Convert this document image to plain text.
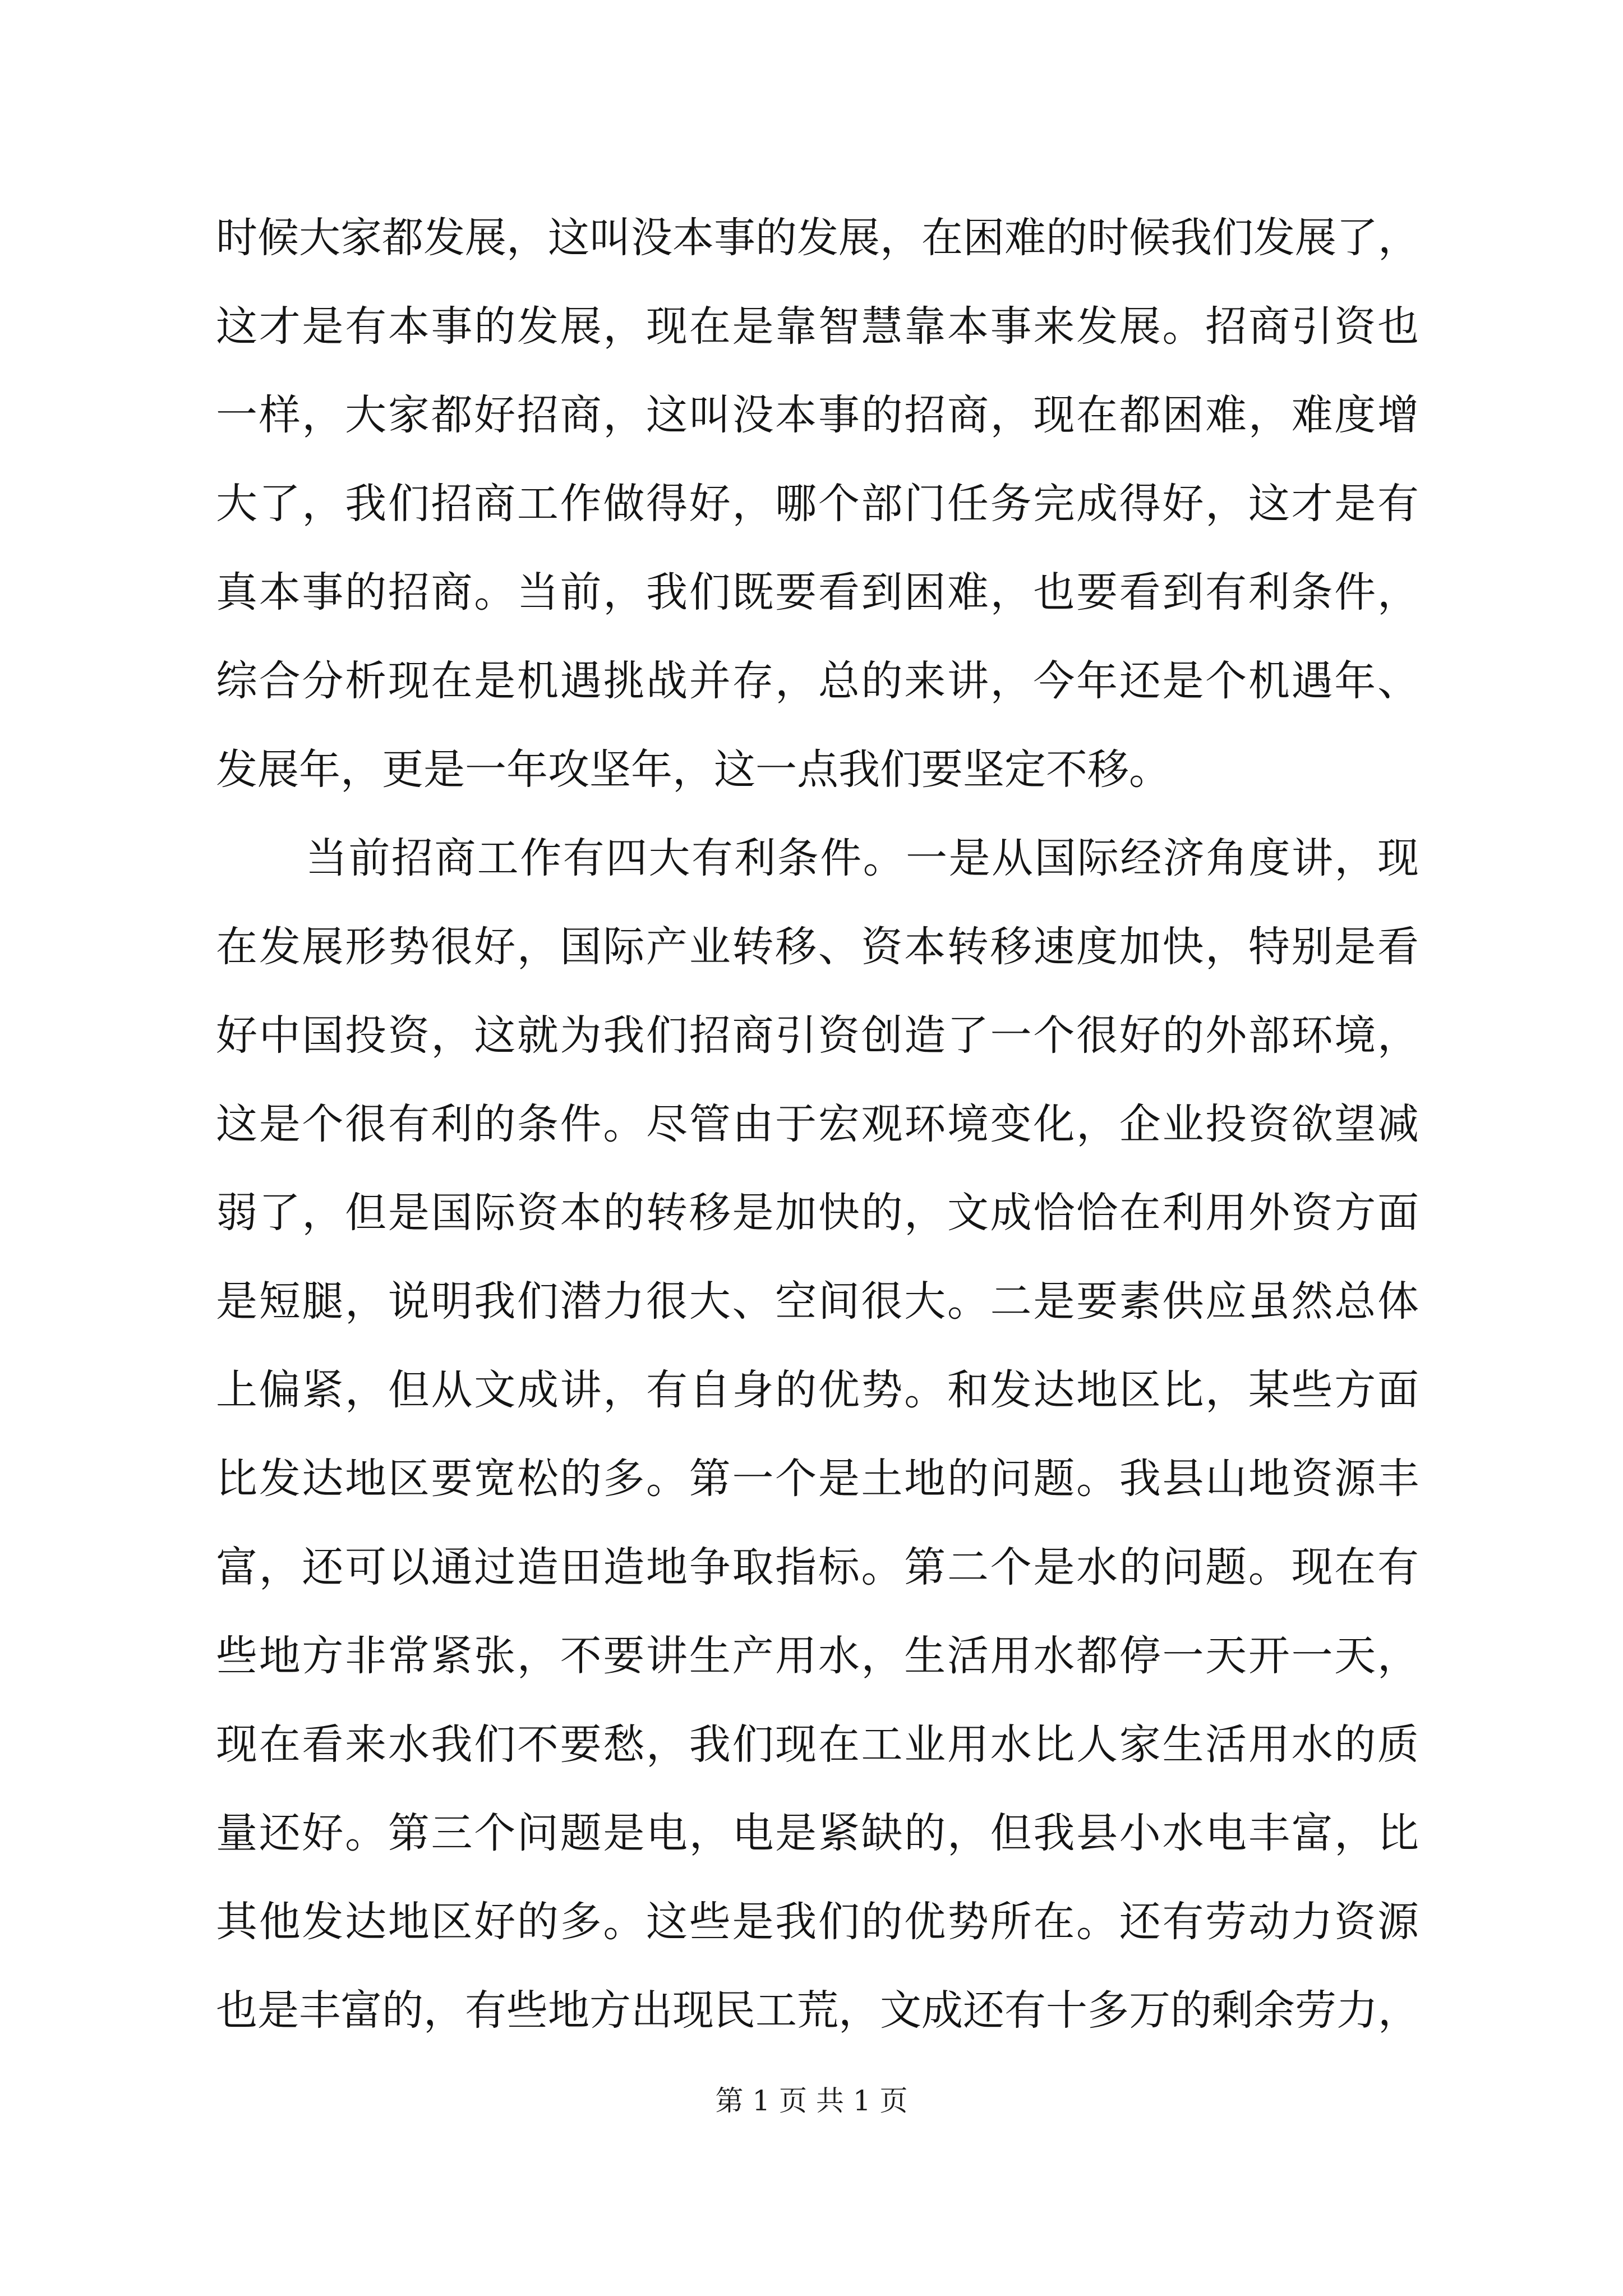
时候大家都发展，这叫没本事的发展，在困难的时候我们发展了，
这才是有本事的发展，现在是靠智慧靠本事来发展。招商引资也
一样，大家都好招商，这叫没本事的招商，现在都困难，难度增
大了，我们招商工作做得好，哪个部门任务完成得好，这才是有
真本事的招商。当前，我们既要看到困难，也要看到有利条件，
综合分析现在是机遇挑战并存，总的来讲，今年还是个机遇年、
发展年，更是一年攻坚年，这一点我们要坚定不移。
当前招商工作有四大有利条件。一是从国际经济角度讲，现
在发展形势很好，国际产业转移、资本转移速度加快，特别是看
好中国投资，这就为我们招商引资创造了一个很好的外部环境，
这是个很有利的条件。尽管由于宏观环境变化，企业投资欲望减
弱了，但是国际资本的转移是加快的，文成恰恰在利用外资方面
是短腿，说明我们潜力很大、空间很大。二是要素供应虽然总体
上偏紧，但从文成讲，有自身的优势。和发达地区比，某些方面
比发达地区要宽松的多。第一个是土地的问题。我县山地资源丰
富，还可以通过造田造地争取指标。第二个是水的问题。现在有
些地方非常紧张，不要讲生产用水，生活用水都停一天开一天，
现在看来水我们不要愁，我们现在工业用水比人家生活用水的质
量还好。第三个问题是电，电是紧缺的，但我县小水电丰富，比
其他发达地区好的多。这些是我们的优势所在。还有劳动力资源
也是丰富的，有些地方出现民工荒，文成还有十多万的剩余劳力，
第 1 页 共 1 页
